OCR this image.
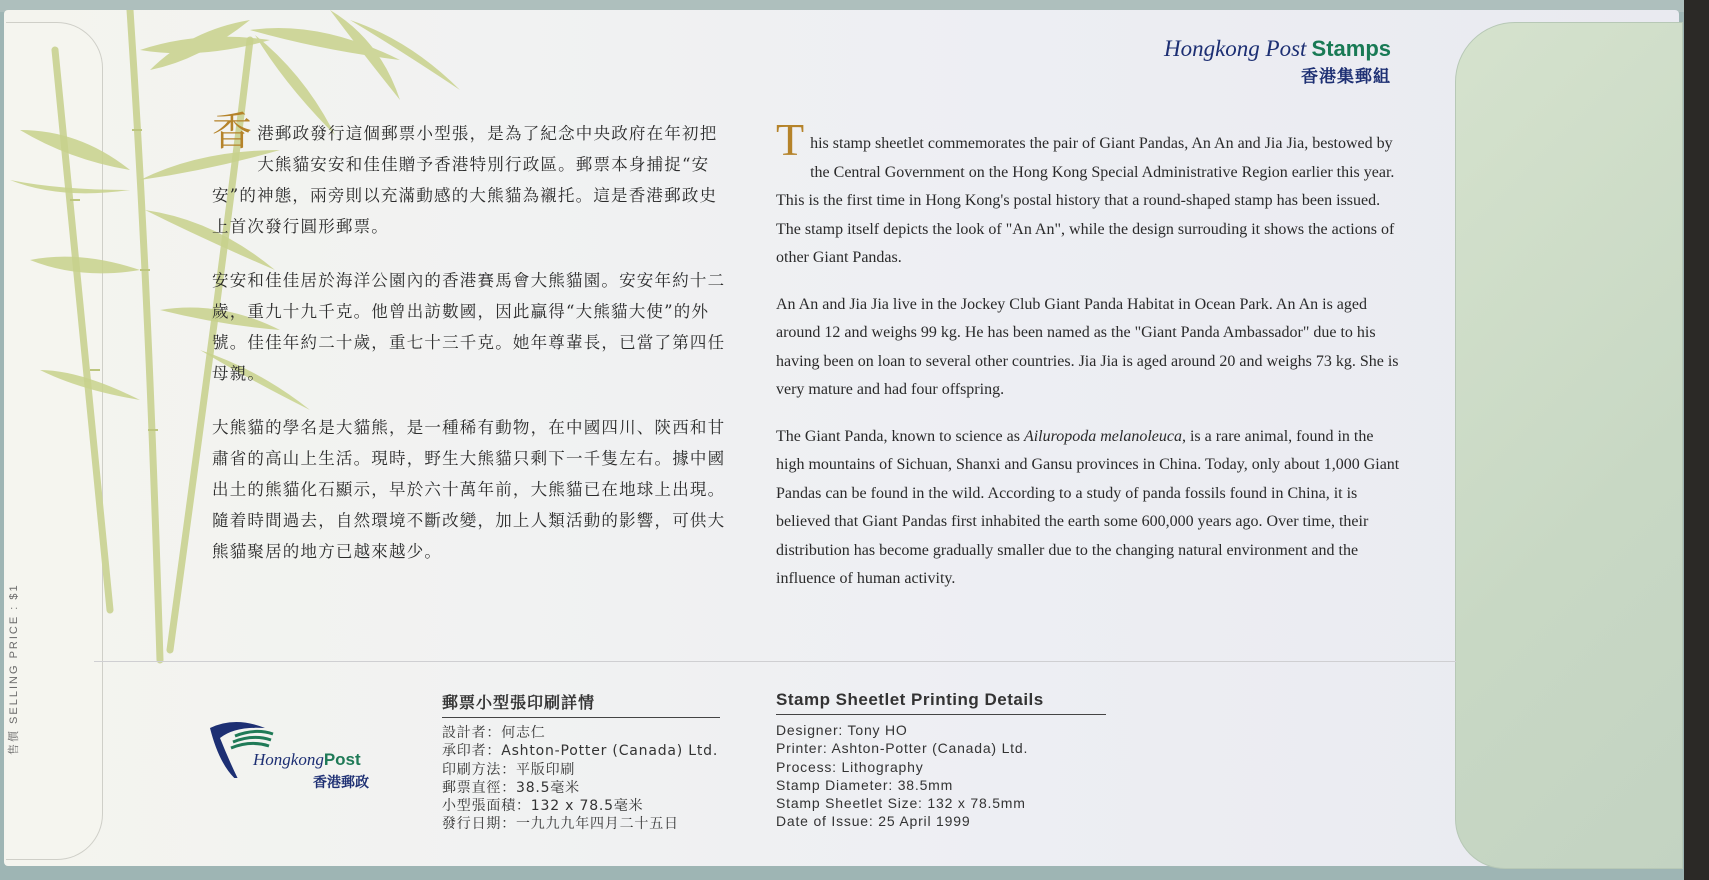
售價 SELLING PRICE : $1
Hongkong Post Stamps
香港集郵組

香港郵政發行這個郵票小型張，是為了紀念中央政府在年初把大熊貓安安和佳佳贈予香港特別行政區。郵票本身捕捉“安安”的神態，兩旁則以充滿動感的大熊貓為襯托。這是香港郵政史上首次發行圓形郵票。

安安和佳佳居於海洋公園內的香港賽馬會大熊貓園。安安年約十二歲，重九十九千克。他曾出訪數國，因此贏得“大熊貓大使”的外號。佳佳年約二十歲，重七十三千克。她年尊輩長，已當了第四任母親。

大熊貓的學名是大貓熊，是一種稀有動物，在中國四川、陝西和甘肅省的高山上生活。現時，野生大熊貓只剩下一千隻左右。據中國出土的熊貓化石顯示，早於六十萬年前，大熊貓已在地球上出現。隨着時間過去，自然環境不斷改變，加上人類活動的影響，可供大熊貓聚居的地方已越來越少。

This stamp sheetlet commemorates the pair of Giant Pandas, An An and Jia Jia, bestowed by the Central Government on the Hong Kong Special Administrative Region earlier this year. This is the first time in Hong Kong's postal history that a round-shaped stamp has been issued. The stamp itself depicts the look of "An An", while the design surrouding it shows the actions of other Giant Pandas.

An An and Jia Jia live in the Jockey Club Giant Panda Habitat in Ocean Park. An An is aged around 12 and weighs 99 kg. He has been named as the "Giant Panda Ambassador" due to his having been on loan to several other countries. Jia Jia is aged around 20 and weighs 73 kg. She is very mature and had four offspring.

The Giant Panda, known to science as Ailuropoda melanoleuca, is a rare animal, found in the high mountains of Sichuan, Shanxi and Gansu provinces in China. Today, only about 1,000 Giant Pandas can be found in the wild. According to a study of panda fossils found in China, it is believed that Giant Pandas first inhabited the earth some 600,000 years ago. Over time, their distribution has become gradually smaller due to the changing natural environment and the influence of human activity.

HongkongPost
香港郵政
郵票小型張印刷詳情
設計者：何志仁
承印者：Ashton-Potter (Canada) Ltd.
印刷方法：平版印刷
郵票直徑：38.5毫米
小型張面積：132 x 78.5毫米
發行日期：一九九九年四月二十五日
Stamp Sheetlet Printing Details
Designer: Tony HO
Printer: Ashton-Potter (Canada) Ltd.
Process: Lithography
Stamp Diameter: 38.5mm
Stamp Sheetlet Size: 132 x 78.5mm
Date of Issue: 25 April 1999
